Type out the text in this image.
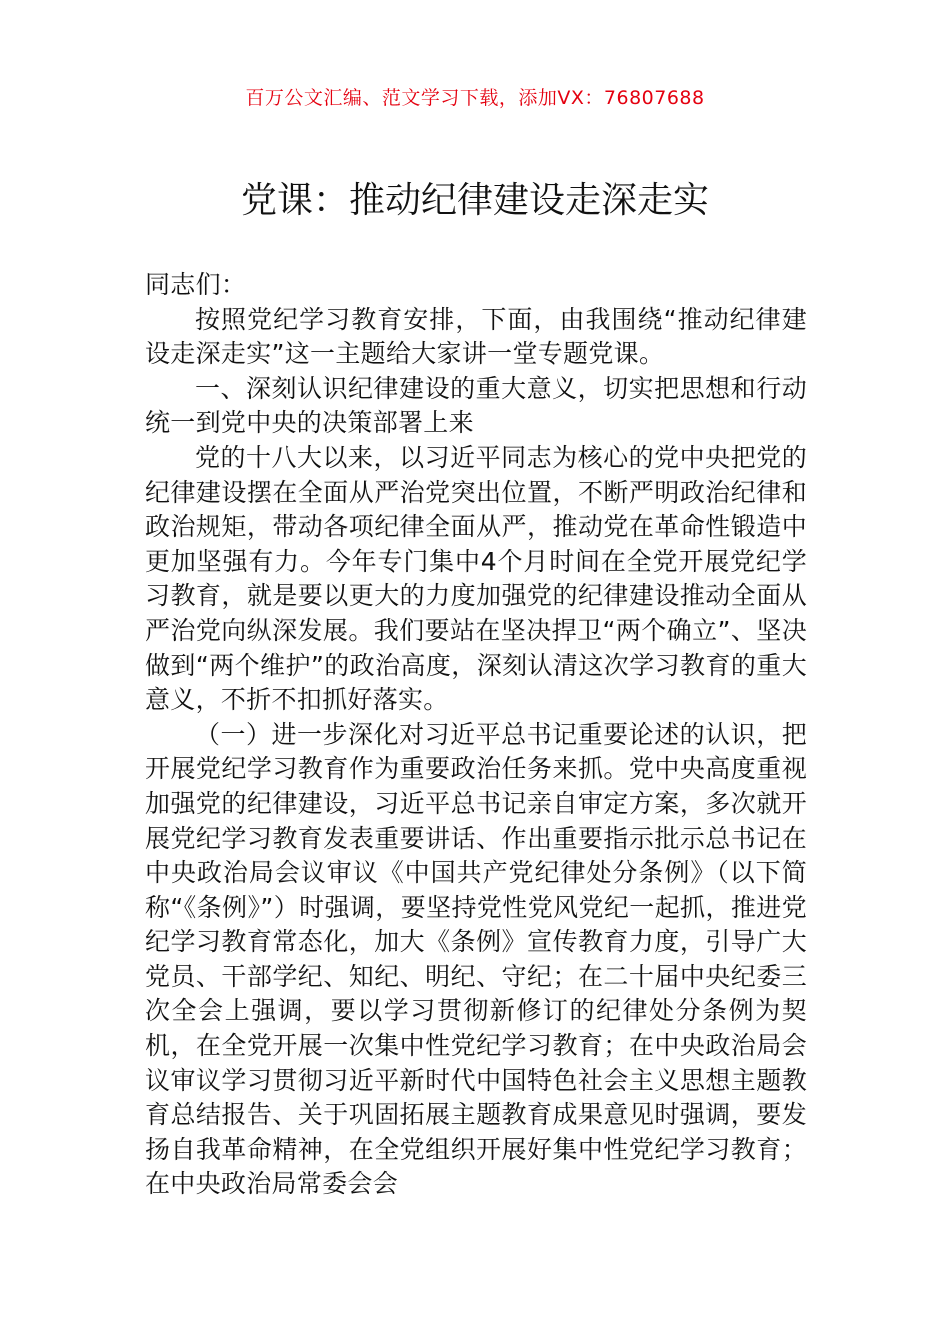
百万公文汇编、范文学习下载，添加VX：76807688
党课：推动纪律建设走深走实

同志们：

按照党纪学习教育安排，下面，由我围绕“推动纪律建设走深走实”这一主题给大家讲一堂专题党课。

一、深刻认识纪律建设的重大意义，切实把思想和行动统一到党中央的决策部署上来

党的十八大以来，以习近平同志为核心的党中央把党的纪律建设摆在全面从严治党突出位置，不断严明政治纪律和政治规矩，带动各项纪律全面从严，推动党在革命性锻造中更加坚强有力。今年专门集中4个月时间在全党开展党纪学习教育，就是要以更大的力度加强党的纪律建设推动全面从严治党向纵深发展。我们要站在坚决捍卫“两个确立”、坚决做到“两个维护”的政治高度，深刻认清这次学习教育的重大意义，不折不扣抓好落实。

（一）进一步深化对习近平总书记重要论述的认识，把开展党纪学习教育作为重要政治任务来抓。党中央高度重视加强党的纪律建设，习近平总书记亲自审定方案，多次就开展党纪学习教育发表重要讲话、作出重要指示批示总书记在中央政治局会议审议《中国共产党纪律处分条例》（以下简称“《条例》”）时强调，要坚持党性党风党纪一起抓，推进党纪学习教育常态化，加大《条例》宣传教育力度，引导广大党员、干部学纪、知纪、明纪、守纪；在二十届中央纪委三次全会上强调，要以学习贯彻新修订的纪律处分条例为契机，在全党开展一次集中性党纪学习教育；在中央政治局会议审议学习贯彻习近平新时代中国特色社会主义思想主题教育总结报告、关于巩固拓展主题教育成果意见时强调，要发扬自我革命精神，在全党组织开展好集中性党纪学习教育；在中央政治局常委会会
